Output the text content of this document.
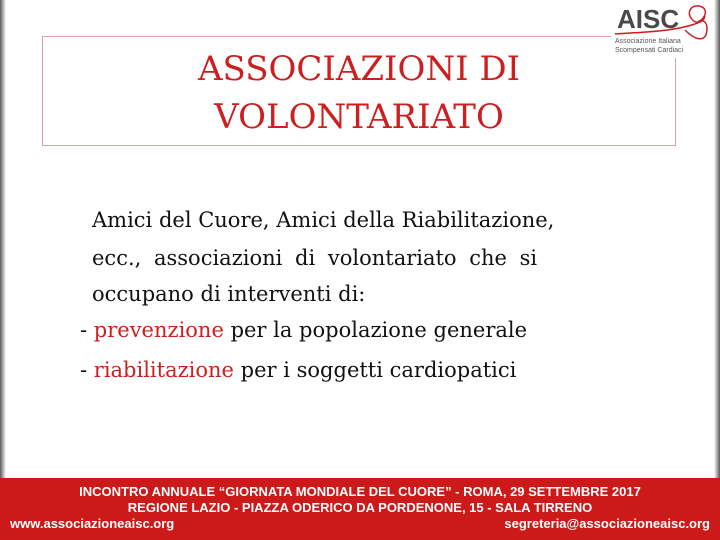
ASSOCIAZIONI DI
VOLONTARIATO
AISC
Associazione Italiana
Scompensati Cardiaci
Amici del Cuore, Amici della Riabilitazione,
ecc., associazioni di volontariato che si
occupano di interventi di:
- prevenzione per la popolazione generale
- riabilitazione per i soggetti cardiopatici
INCONTRO ANNUALE “GIORNATA MONDIALE DEL CUORE” - ROMA, 29 SETTEMBRE 2017
REGIONE LAZIO - PIAZZA ODERICO DA PORDENONE, 15 - SALA TIRRENO
www.associazioneaisc.org	segreteria@associazioneaisc.org
